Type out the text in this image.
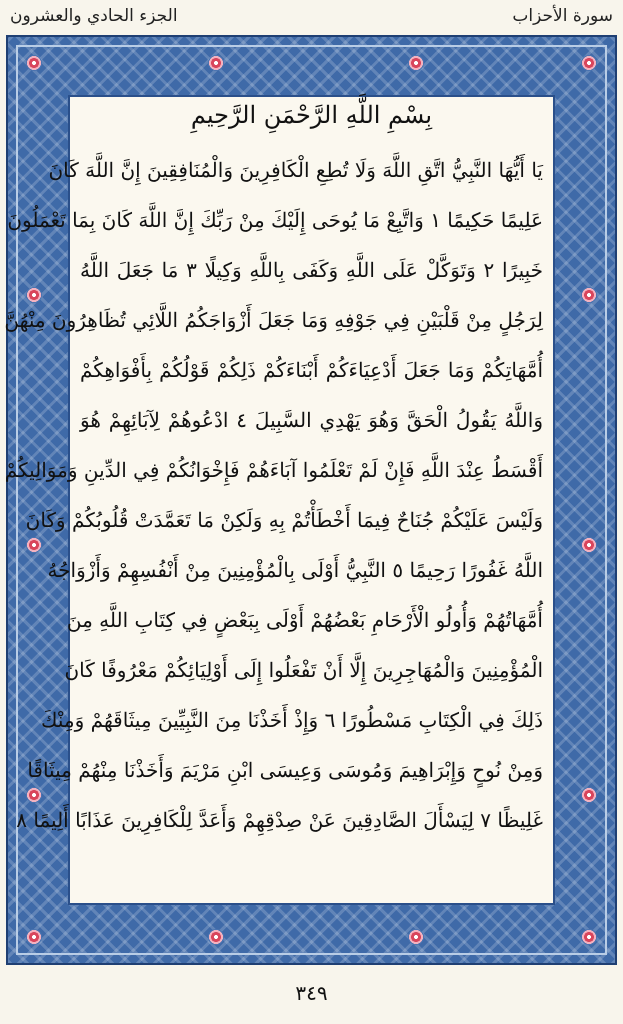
الجزء الحادي والعشرون	سورة الأحزاب
بِسْمِ اللَّهِ الرَّحْمَنِ الرَّحِيمِ
يَا أَيُّهَا النَّبِيُّ اتَّقِ اللَّهَ وَلَا تُطِعِ الْكَافِرِينَ وَالْمُنَافِقِينَ إِنَّ اللَّهَ كَانَ
عَلِيمًا حَكِيمًا ١ وَاتَّبِعْ مَا يُوحَى إِلَيْكَ مِنْ رَبِّكَ إِنَّ اللَّهَ كَانَ بِمَا تَعْمَلُونَ
خَبِيرًا ٢ وَتَوَكَّلْ عَلَى اللَّهِ وَكَفَى بِاللَّهِ وَكِيلًا ٣ مَا جَعَلَ اللَّهُ
لِرَجُلٍ مِنْ قَلْبَيْنِ فِي جَوْفِهِ وَمَا جَعَلَ أَزْوَاجَكُمُ اللَّائِي تُظَاهِرُونَ مِنْهُنَّ
أُمَّهَاتِكُمْ وَمَا جَعَلَ أَدْعِيَاءَكُمْ أَبْنَاءَكُمْ ذَلِكُمْ قَوْلُكُمْ بِأَفْوَاهِكُمْ
وَاللَّهُ يَقُولُ الْحَقَّ وَهُوَ يَهْدِي السَّبِيلَ ٤ ادْعُوهُمْ لِآبَائِهِمْ هُوَ
أَقْسَطُ عِنْدَ اللَّهِ فَإِنْ لَمْ تَعْلَمُوا آبَاءَهُمْ فَإِخْوَانُكُمْ فِي الدِّينِ وَمَوَالِيكُمْ
وَلَيْسَ عَلَيْكُمْ جُنَاحٌ فِيمَا أَخْطَأْتُمْ بِهِ وَلَكِنْ مَا تَعَمَّدَتْ قُلُوبُكُمْ وَكَانَ
اللَّهُ غَفُورًا رَحِيمًا ٥ النَّبِيُّ أَوْلَى بِالْمُؤْمِنِينَ مِنْ أَنْفُسِهِمْ وَأَزْوَاجُهُ
أُمَّهَاتُهُمْ وَأُولُو الْأَرْحَامِ بَعْضُهُمْ أَوْلَى بِبَعْضٍ فِي كِتَابِ اللَّهِ مِنَ
الْمُؤْمِنِينَ وَالْمُهَاجِرِينَ إِلَّا أَنْ تَفْعَلُوا إِلَى أَوْلِيَائِكُمْ مَعْرُوفًا كَانَ
ذَلِكَ فِي الْكِتَابِ مَسْطُورًا ٦ وَإِذْ أَخَذْنَا مِنَ النَّبِيِّينَ مِيثَاقَهُمْ وَمِنْكَ
وَمِنْ نُوحٍ وَإِبْرَاهِيمَ وَمُوسَى وَعِيسَى ابْنِ مَرْيَمَ وَأَخَذْنَا مِنْهُمْ مِيثَاقًا
غَلِيظًا ٧ لِيَسْأَلَ الصَّادِقِينَ عَنْ صِدْقِهِمْ وَأَعَدَّ لِلْكَافِرِينَ عَذَابًا أَلِيمًا ٨
٣٤٩
